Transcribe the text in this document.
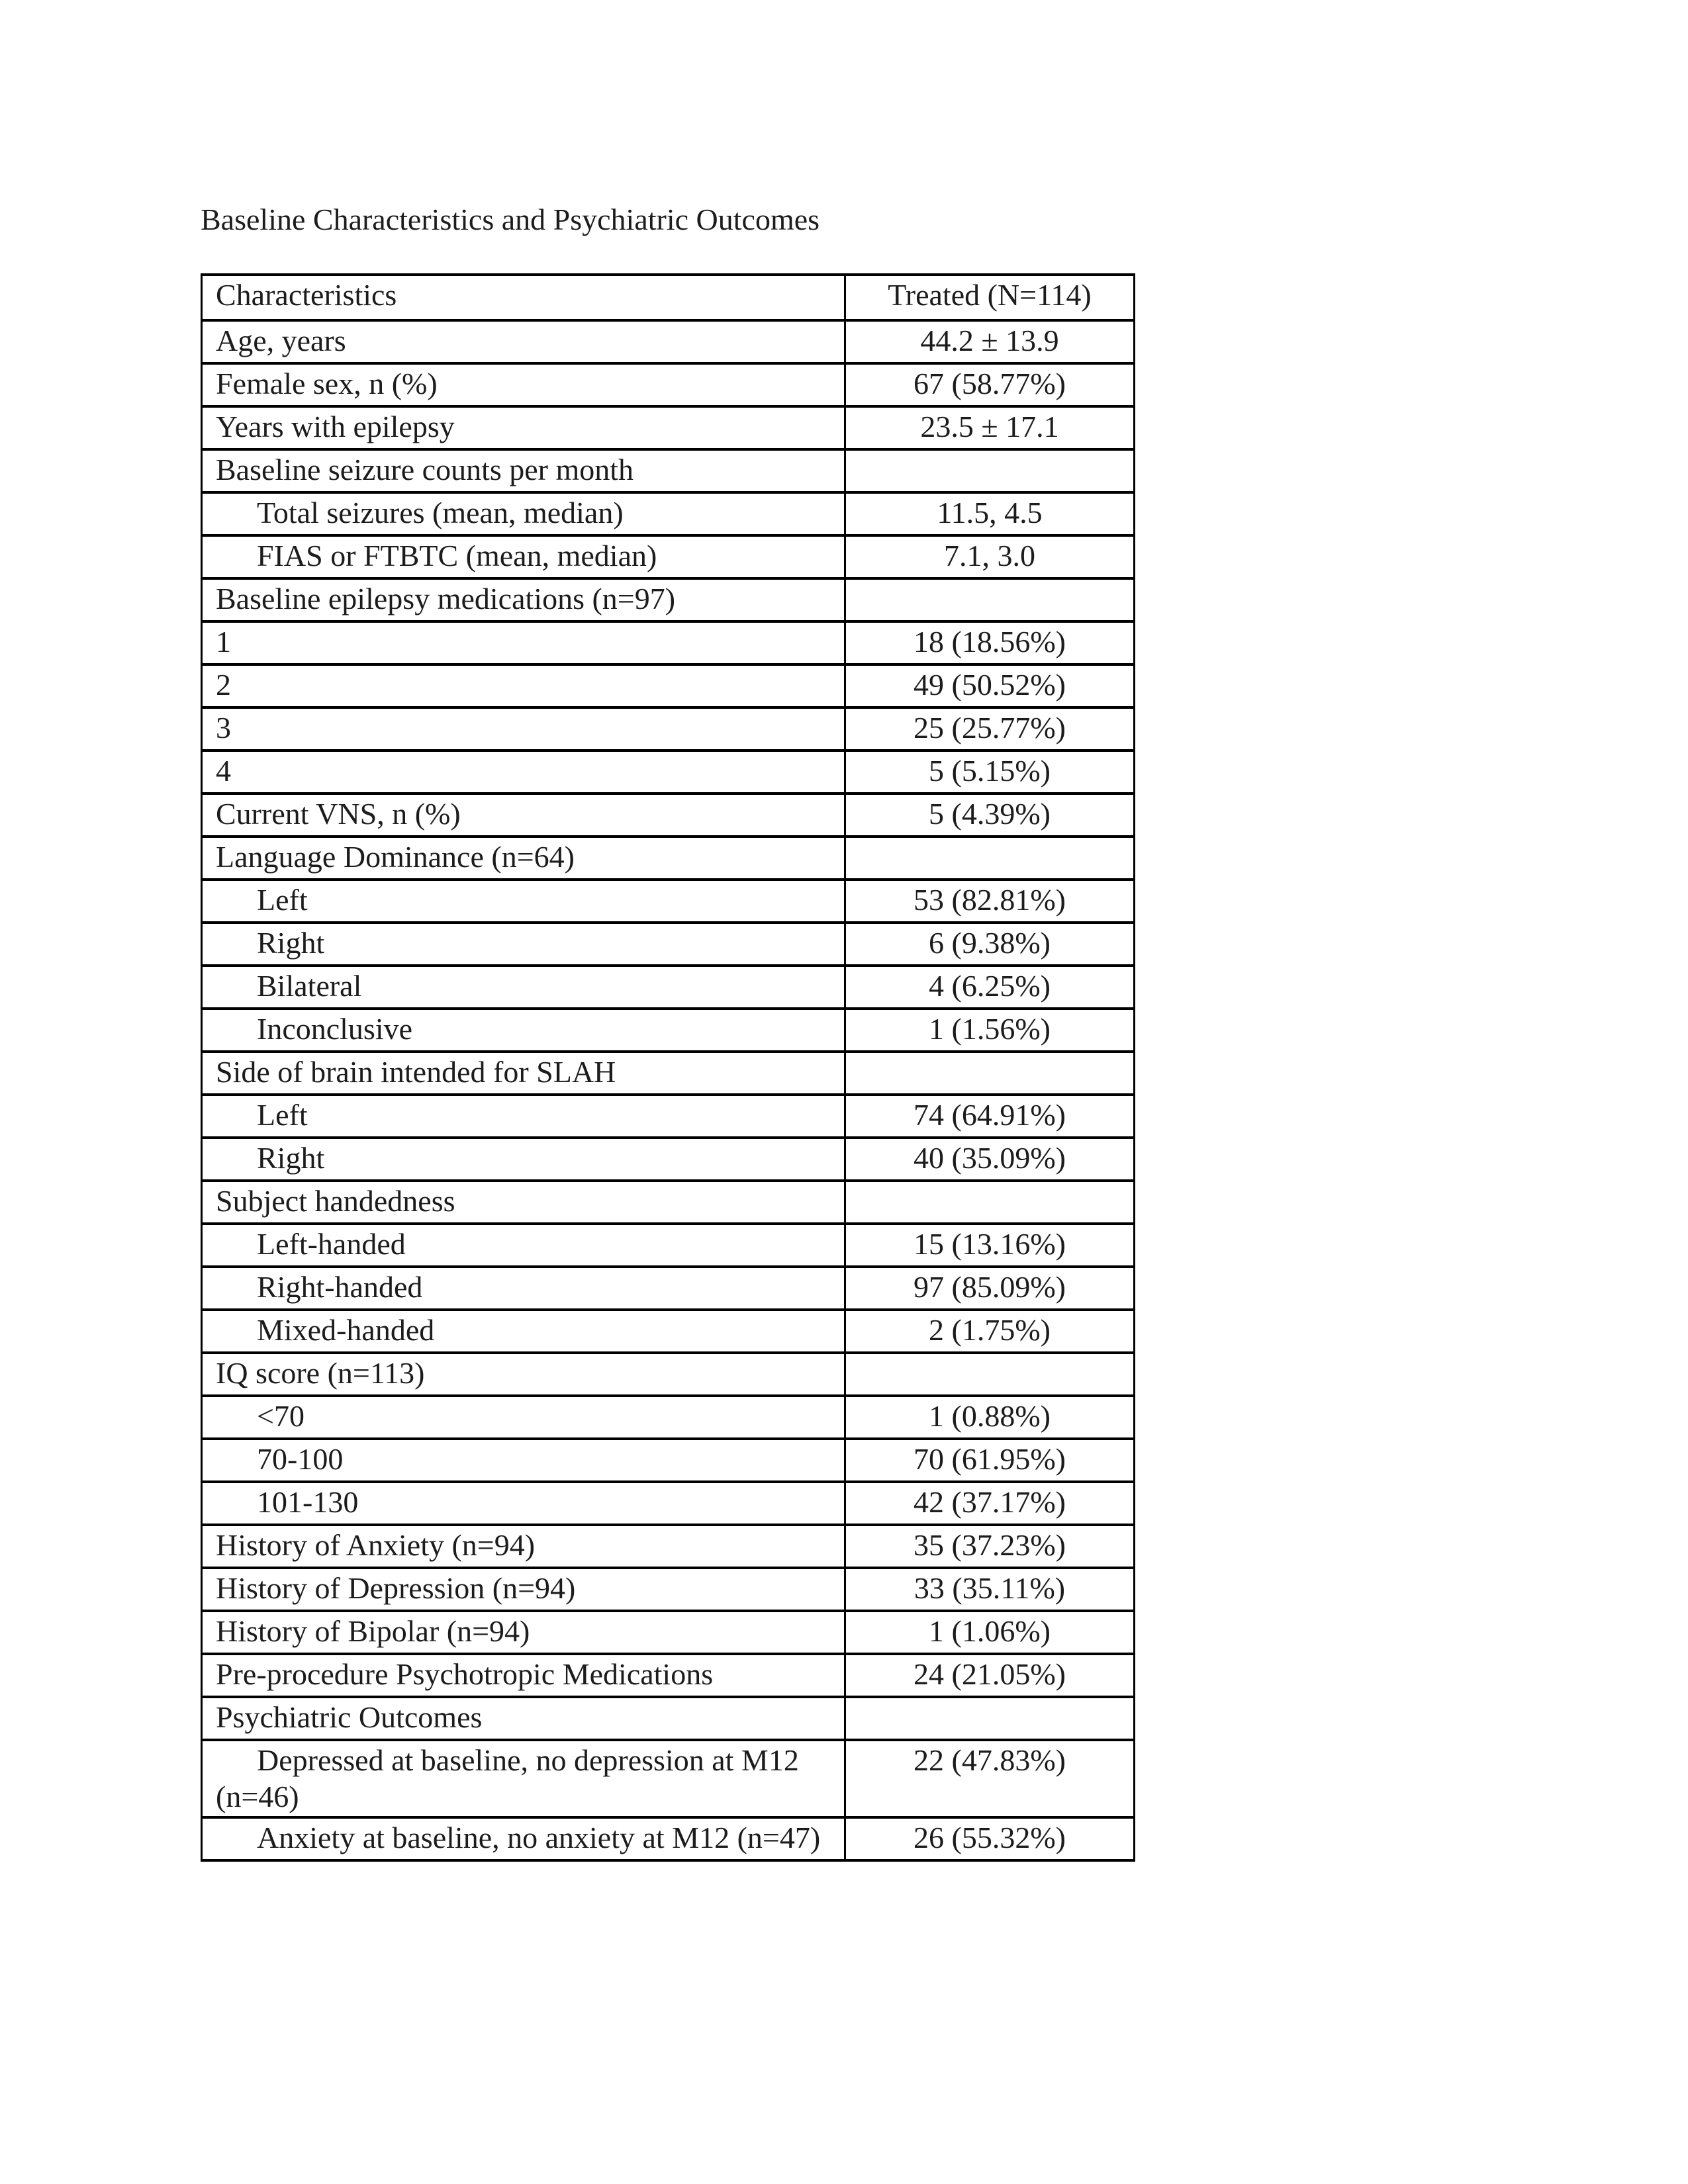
Baseline Characteristics and Psychiatric Outcomes
Characteristics	Treated (N=114)
Age, years	44.2 ± 13.9
Female sex, n (%)	67 (58.77%)
Years with epilepsy	23.5 ± 17.1
Baseline seizure counts per month	
Total seizures (mean, median)	11.5, 4.5
FIAS or FTBTC (mean, median)	7.1, 3.0
Baseline epilepsy medications (n=97)	
1	18 (18.56%)
2	49 (50.52%)
3	25 (25.77%)
4	5 (5.15%)
Current VNS, n (%)	5 (4.39%)
Language Dominance (n=64)	
Left	53 (82.81%)
Right	6 (9.38%)
Bilateral	4 (6.25%)
Inconclusive	1 (1.56%)
Side of brain intended for SLAH	
Left	74 (64.91%)
Right	40 (35.09%)
Subject handedness	
Left-handed	15 (13.16%)
Right-handed	97 (85.09%)
Mixed-handed	2 (1.75%)
IQ score (n=113)	
<70	1 (0.88%)
70-100	70 (61.95%)
101-130	42 (37.17%)
History of Anxiety (n=94)	35 (37.23%)
History of Depression (n=94)	33 (35.11%)
History of Bipolar (n=94)	1 (1.06%)
Pre-procedure Psychotropic Medications	24 (21.05%)
Psychiatric Outcomes	
Depressed at baseline, no depression at M12 (n=46)	22 (47.83%)
Anxiety at baseline, no anxiety at M12 (n=47)	26 (55.32%)
